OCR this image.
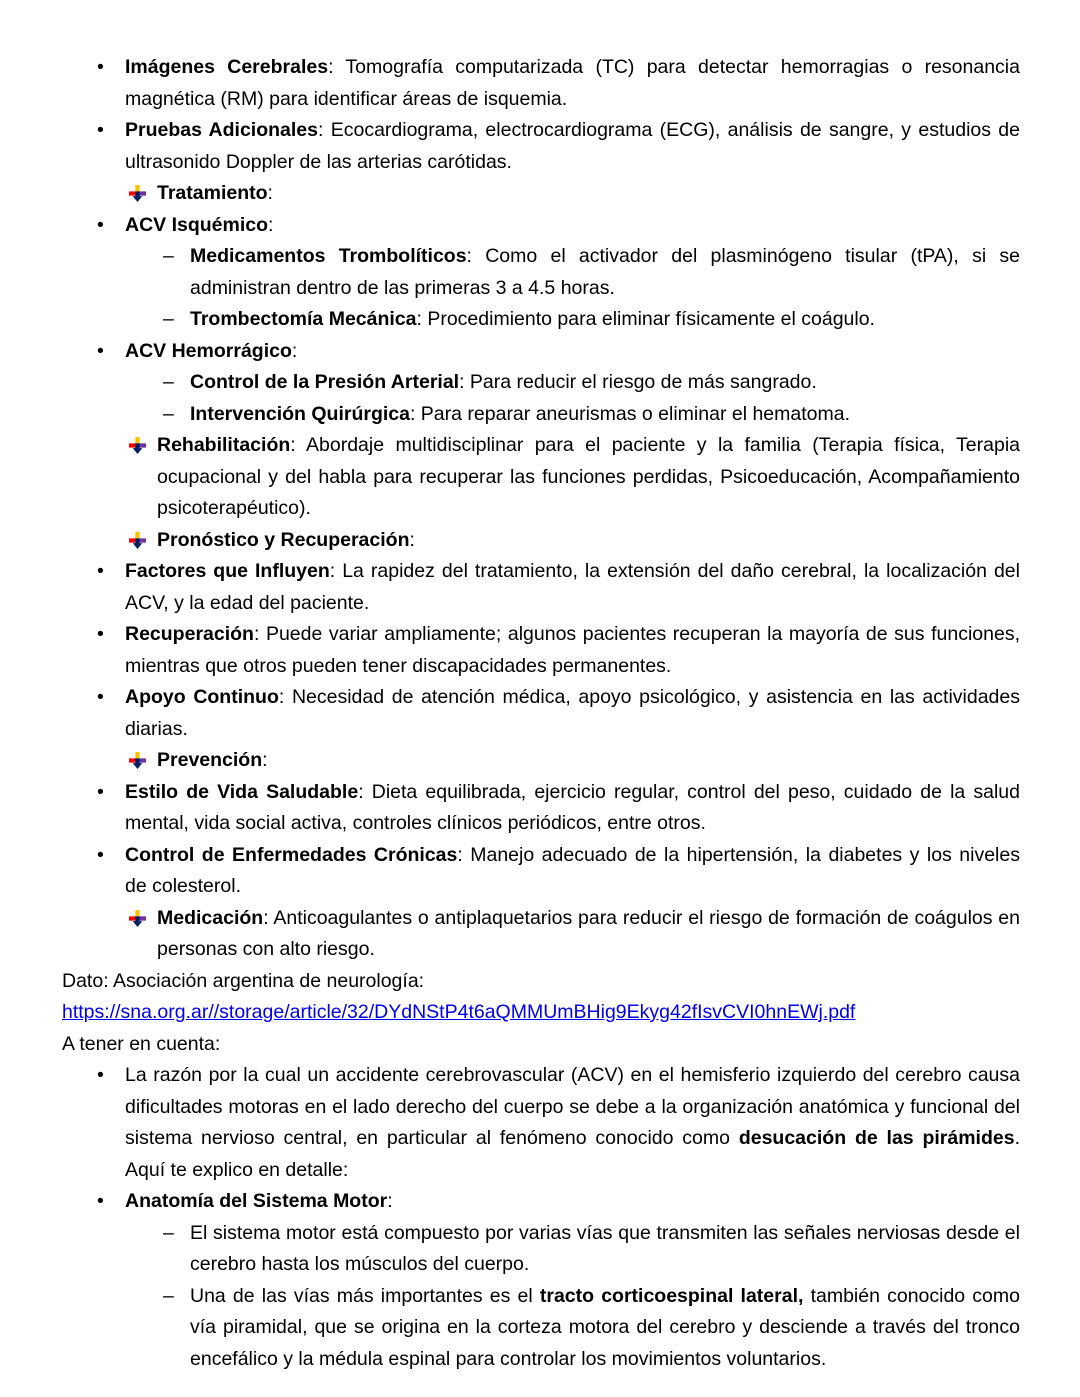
•	Imágenes Cerebrales: Tomografía computarizada (TC) para detectar hemorragias o resonancia magnética (RM) para identificar áreas de isquemia.

•	Pruebas Adicionales: Ecocardiograma, electrocardiograma (ECG), análisis de sangre, y estudios de ultrasonido Doppler de las arterias carótidas.

Tratamiento:

•	ACV Isquémico:

– Medicamentos Trombolíticos: Como el activador del plasminógeno tisular (tPA), si se administran dentro de las primeras 3 a 4.5 horas.

– Trombectomía Mecánica: Procedimiento para eliminar físicamente el coágulo.

•	ACV Hemorrágico:

– Control de la Presión Arterial: Para reducir el riesgo de más sangrado.

– Intervención Quirúrgica: Para reparar aneurismas o eliminar el hematoma.

Rehabilitación: Abordaje multidisciplinar para el paciente y la familia (Terapia física, Terapia ocupacional y del habla para recuperar las funciones perdidas, Psicoeducación, Acompañamiento psicoterapéutico).

Pronóstico y Recuperación:

•	Factores que Influyen: La rapidez del tratamiento, la extensión del daño cerebral, la localización del ACV, y la edad del paciente.

•	Recuperación: Puede variar ampliamente; algunos pacientes recuperan la mayoría de sus funciones, mientras que otros pueden tener discapacidades permanentes.

•	Apoyo Continuo: Necesidad de atención médica, apoyo psicológico, y asistencia en las actividades diarias.

Prevención:

•	Estilo de Vida Saludable: Dieta equilibrada, ejercicio regular, control del peso, cuidado de la salud mental, vida social activa, controles clínicos periódicos, entre otros.

•	Control de Enfermedades Crónicas: Manejo adecuado de la hipertensión, la diabetes y los niveles de colesterol.

Medicación: Anticoagulantes o antiplaquetarios para reducir el riesgo de formación de coágulos en personas con alto riesgo.

Dato: Asociación argentina de neurología:

https://sna.org.ar//storage/article/32/DYdNStP4t6aQMMUmBHig9Ekyg42fIsvCVI0hnEWj.pdf

A tener en cuenta:

•	La razón por la cual un accidente cerebrovascular (ACV) en el hemisferio izquierdo del cerebro causa dificultades motoras en el lado derecho del cuerpo se debe a la organización anatómica y funcional del sistema nervioso central, en particular al fenómeno conocido como desucación de las pirámides. Aquí te explico en detalle:

•	Anatomía del Sistema Motor:

– El sistema motor está compuesto por varias vías que transmiten las señales nerviosas desde el cerebro hasta los músculos del cuerpo.

– Una de las vías más importantes es el tracto corticoespinal lateral, también conocido como vía piramidal, que se origina en la corteza motora del cerebro y desciende a través del tronco encefálico y la médula espinal para controlar los movimientos voluntarios.
